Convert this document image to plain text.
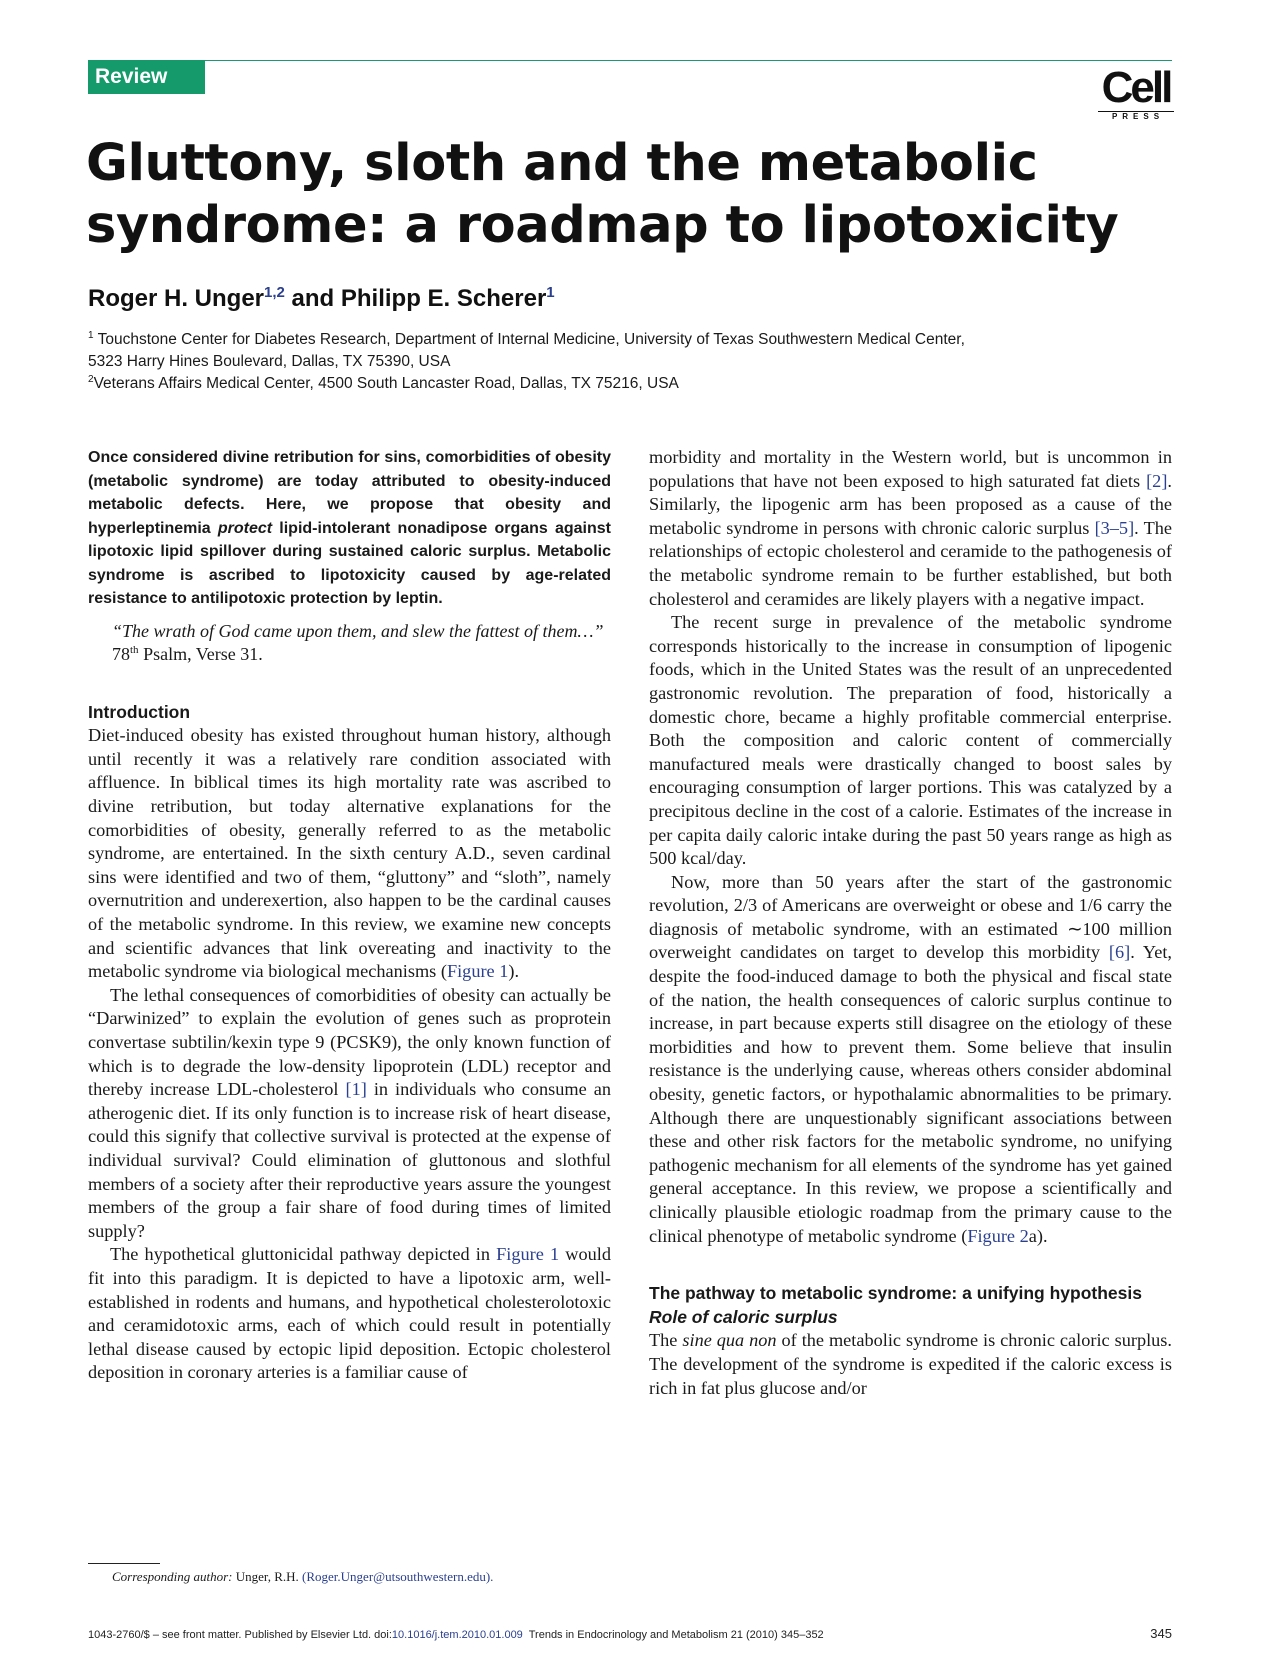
Review	Cell
PRESS
Gluttony, sloth and the metabolic syndrome: a roadmap to lipotoxicity
Roger H. Unger$^{1,2}$ and Philipp E. Scherer$^1$
$^1$ Touchstone Center for Diabetes Research, Department of Internal Medicine, University of Texas Southwestern Medical Center,
5323 Harry Hines Boulevard, Dallas, TX 75390, USA
$^2$Veterans Affairs Medical Center, 4500 South Lancaster Road, Dallas, TX 75216, USA

Once considered divine retribution for sins, comorbidities of obesity (metabolic syndrome) are today attributed to obesity-induced metabolic defects. Here, we propose that obesity and hyperleptinemia protect lipid-intolerant nonadipose organs against lipotoxic lipid spillover during sustained caloric surplus. Metabolic syndrome is ascribed to lipotoxicity caused by age-related resistance to antilipotoxic protection by leptin.

“The wrath of God came upon them, and slew the fattest of them…” 78th Psalm, Verse 31.

Introduction

Diet-induced obesity has existed throughout human history, although until recently it was a relatively rare condition associated with affluence. In biblical times its high mortality rate was ascribed to divine retribution, but today alternative explanations for the comorbidities of obesity, generally referred to as the metabolic syndrome, are entertained. In the sixth century A.D., seven cardinal sins were identified and two of them, “gluttony” and “sloth”, namely overnutrition and underexertion, also happen to be the cardinal causes of the metabolic syndrome. In this review, we examine new concepts and scientific advances that link overeating and inactivity to the metabolic syndrome via biological mechanisms (Figure 1).

The lethal consequences of comorbidities of obesity can actually be “Darwinized” to explain the evolution of genes such as proprotein convertase subtilin/kexin type 9 (PCSK9), the only known function of which is to degrade the low-density lipoprotein (LDL) receptor and thereby increase LDL-cholesterol [1] in individuals who consume an atherogenic diet. If its only function is to increase risk of heart disease, could this signify that collective survival is protected at the expense of individual survival? Could elimination of gluttonous and slothful members of a society after their reproductive years assure the youngest members of the group a fair share of food during times of limited supply?

The hypothetical gluttonicidal pathway depicted in Figure 1 would fit into this paradigm. It is depicted to have a lipotoxic arm, well-established in rodents and humans, and hypothetical cholesterolotoxic and ceramidotoxic arms, each of which could result in potentially lethal disease caused by ectopic lipid deposition. Ectopic cholesterol deposition in coronary arteries is a familiar cause of

morbidity and mortality in the Western world, but is uncommon in populations that have not been exposed to high saturated fat diets [2]. Similarly, the lipogenic arm has been proposed as a cause of the metabolic syndrome in persons with chronic caloric surplus [3–5]. The relationships of ectopic cholesterol and ceramide to the pathogenesis of the metabolic syndrome remain to be further established, but both cholesterol and ceramides are likely players with a negative impact.

The recent surge in prevalence of the metabolic syndrome corresponds historically to the increase in consumption of lipogenic foods, which in the United States was the result of an unprecedented gastronomic revolution. The preparation of food, historically a domestic chore, became a highly profitable commercial enterprise. Both the composition and caloric content of commercially manufactured meals were drastically changed to boost sales by encouraging consumption of larger portions. This was catalyzed by a precipitous decline in the cost of a calorie. Estimates of the increase in per capita daily caloric intake during the past 50 years range as high as 500 kcal/day.

Now, more than 50 years after the start of the gastronomic revolution, 2/3 of Americans are overweight or obese and 1/6 carry the diagnosis of metabolic syndrome, with an estimated ∼100 million overweight candidates on target to develop this morbidity [6]. Yet, despite the food-induced damage to both the physical and fiscal state of the nation, the health consequences of caloric surplus continue to increase, in part because experts still disagree on the etiology of these morbidities and how to prevent them. Some believe that insulin resistance is the underlying cause, whereas others consider abdominal obesity, genetic factors, or hypothalamic abnormalities to be primary. Although there are unquestionably significant associations between these and other risk factors for the metabolic syndrome, no unifying pathogenic mechanism for all elements of the syndrome has yet gained general acceptance. In this review, we propose a scientifically and clinically plausible etiologic roadmap from the primary cause to the clinical phenotype of metabolic syndrome (Figure 2a).

The pathway to metabolic syndrome: a unifying hypothesis
Role of caloric surplus

The sine qua non of the metabolic syndrome is chronic caloric surplus. The development of the syndrome is expedited if the caloric excess is rich in fat plus glucose and/or

Corresponding author: Unger, R.H. (Roger.Unger@utsouthwestern.edu).
1043-2760/$ – see front matter. Published by Elsevier Ltd. doi:10.1016/j.tem.2010.01.009 Trends in Endocrinology and Metabolism 21 (2010) 345–352	345
